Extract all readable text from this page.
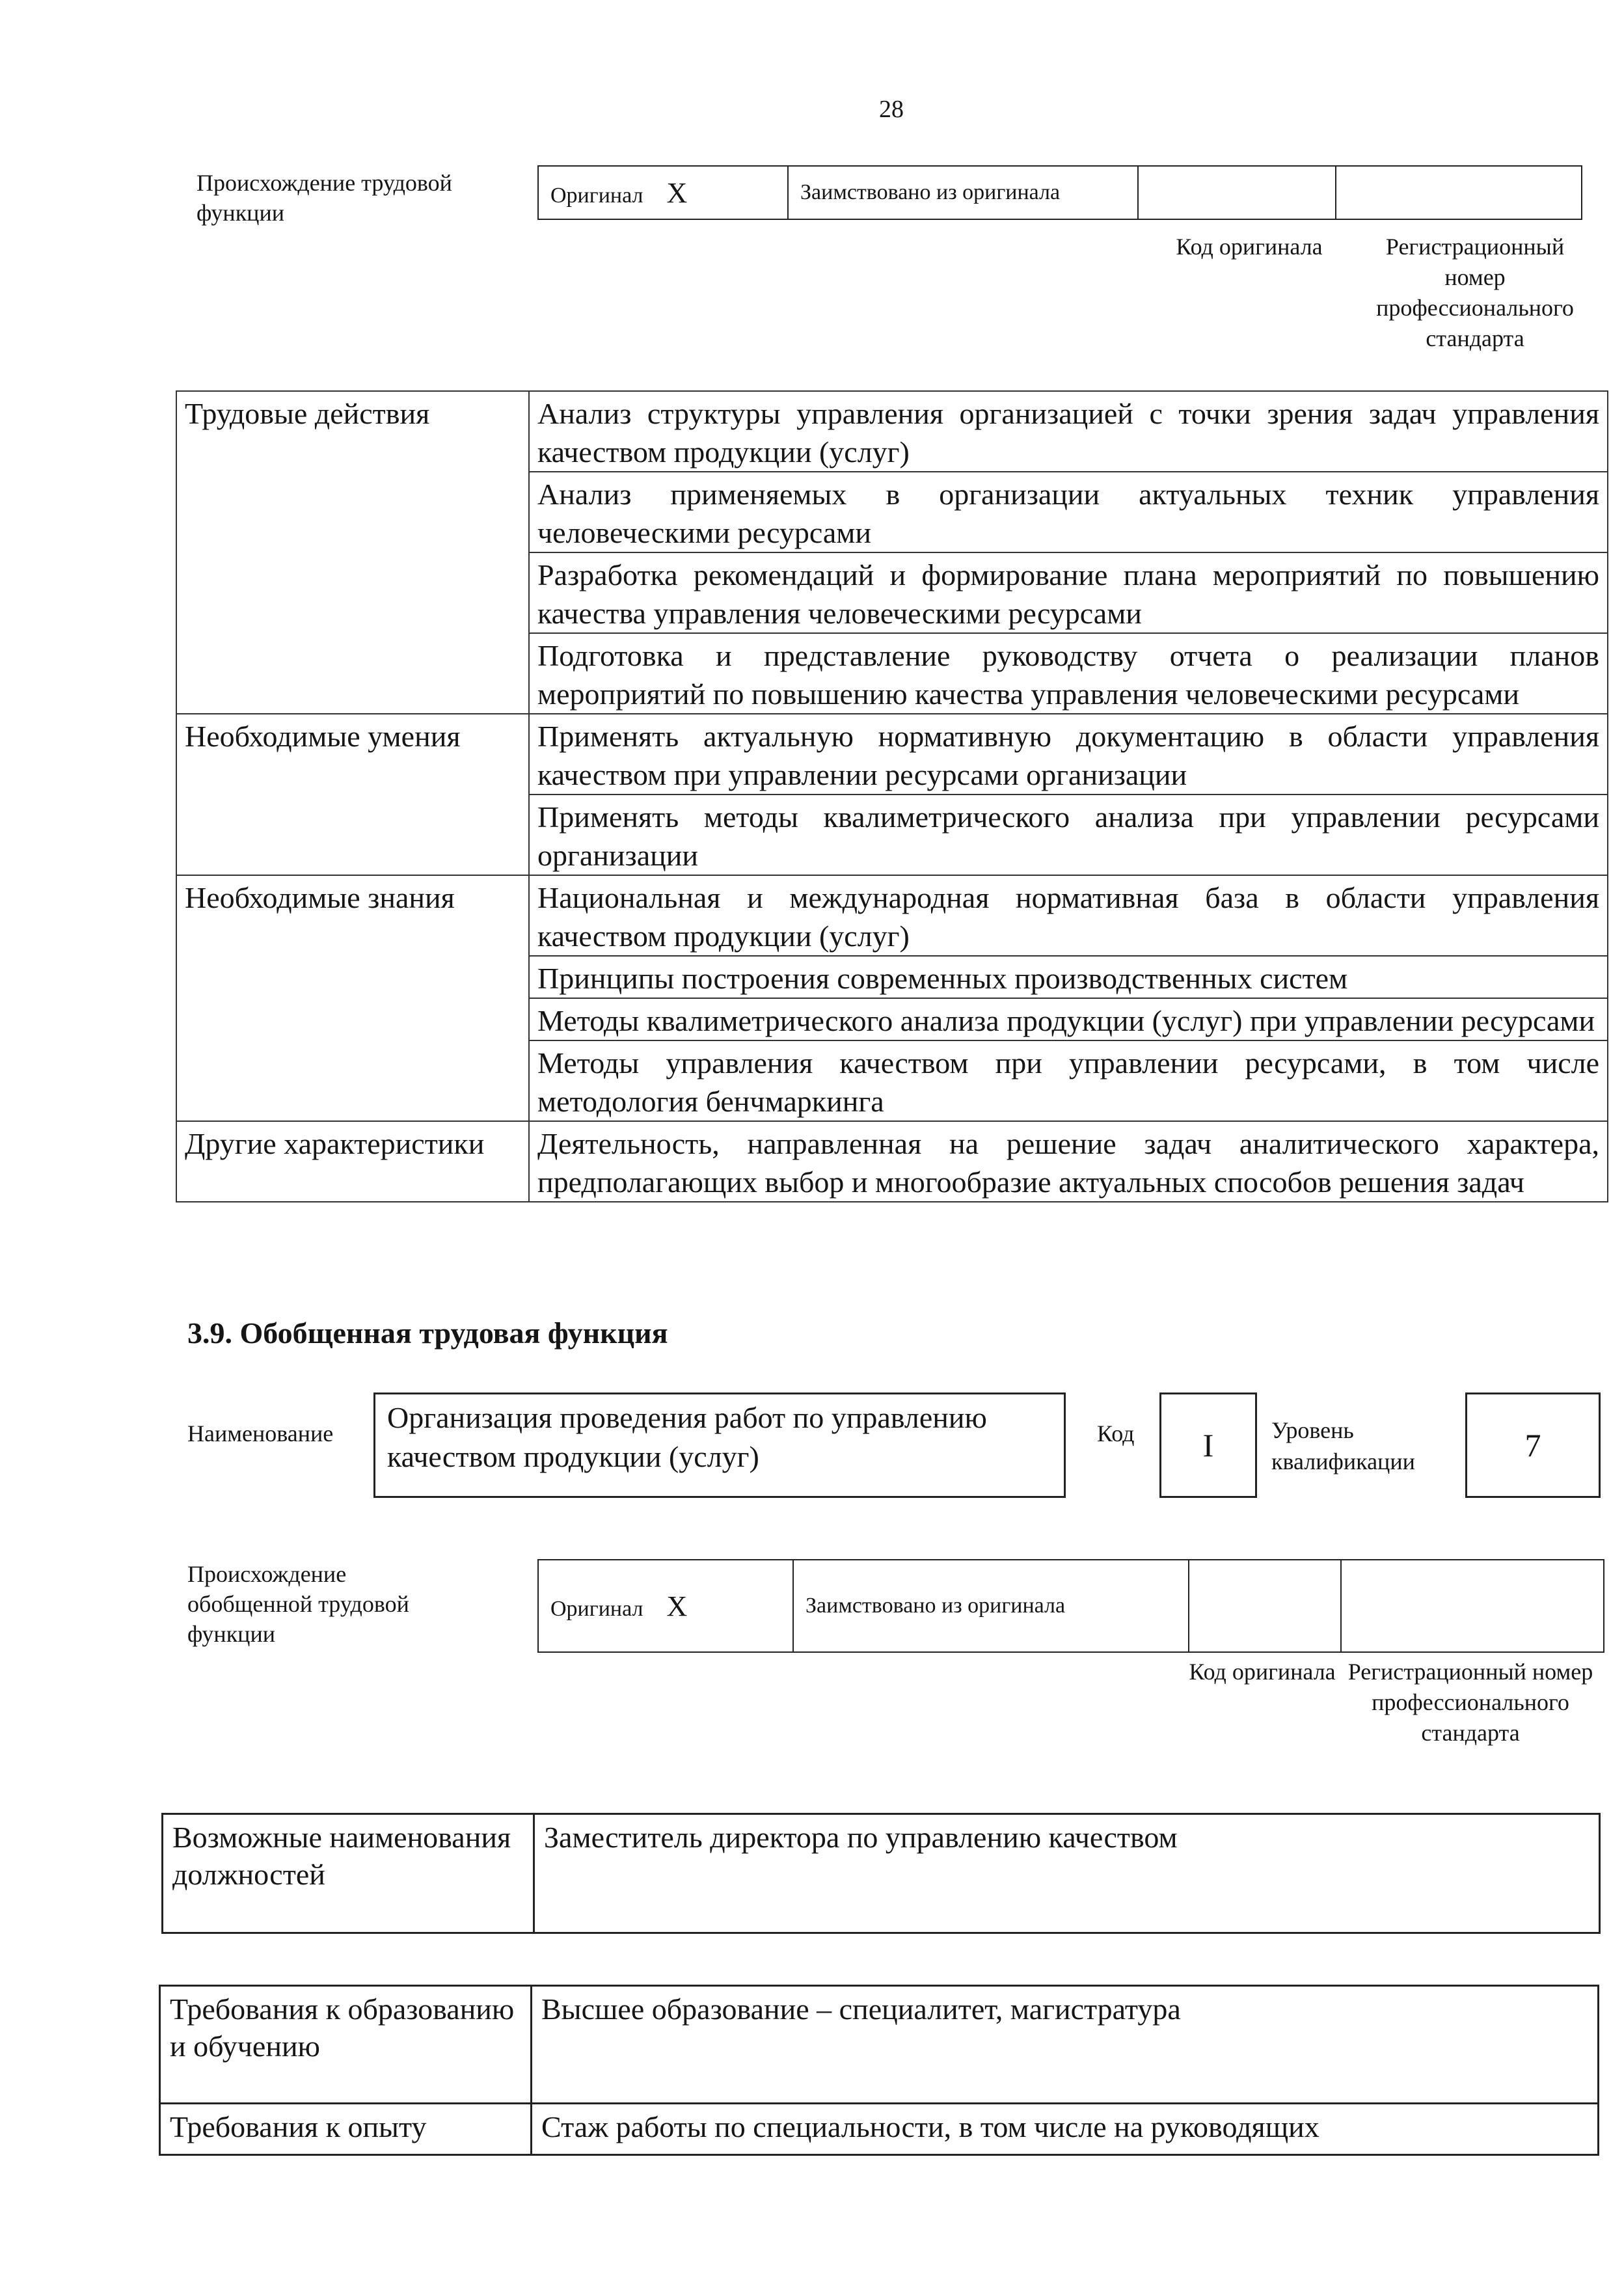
28
Происхождение трудовой функции
Оригинал X	Заимствовано из оригинала		
Код оригинала	Регистрационный номер профессионального стандарта
Трудовые действия	Анализ структуры управления организацией с точки зрения задач управления качеством продукции (услуг)
	Анализ применяемых в организации актуальных техник управления человеческими ресурсами
	Разработка рекомендаций и формирование плана мероприятий по повышению качества управления человеческими ресурсами
	Подготовка и представление руководству отчета о реализации планов мероприятий по повышению качества управления человеческими ресурсами
Необходимые умения	Применять актуальную нормативную документацию в области управления качеством при управлении ресурсами организации
	Применять методы квалиметрического анализа при управлении ресурсами организации
Необходимые знания	Национальная и международная нормативная база в области управления качеством продукции (услуг)
	Принципы построения современных производственных систем
	Методы квалиметрического анализа продукции (услуг) при управлении ресурсами
	Методы управления качеством при управлении ресурсами, в том числе методология бенчмаркинга
Другие характеристики	Деятельность, направленная на решение задач аналитического характера, предполагающих выбор и многообразие актуальных способов решения задач
3.9. Обобщенная трудовая функция
Наименование	Организация проведения работ по управлению качеством продукции (услуг)
Код	I	Уровень квалификации	7
Происхождение обобщенной трудовой функции
Оригинал X	Заимствовано из оригинала		
Код оригинала Регистрационный номер профессионального стандарта
Возможные наименования должностей	Заместитель директора по управлению качеством
Требования к образованию и обучению	Высшее образование – специалитет, магистратура
Требования к опыту	Стаж работы по специальности, в том числе на руководящих
